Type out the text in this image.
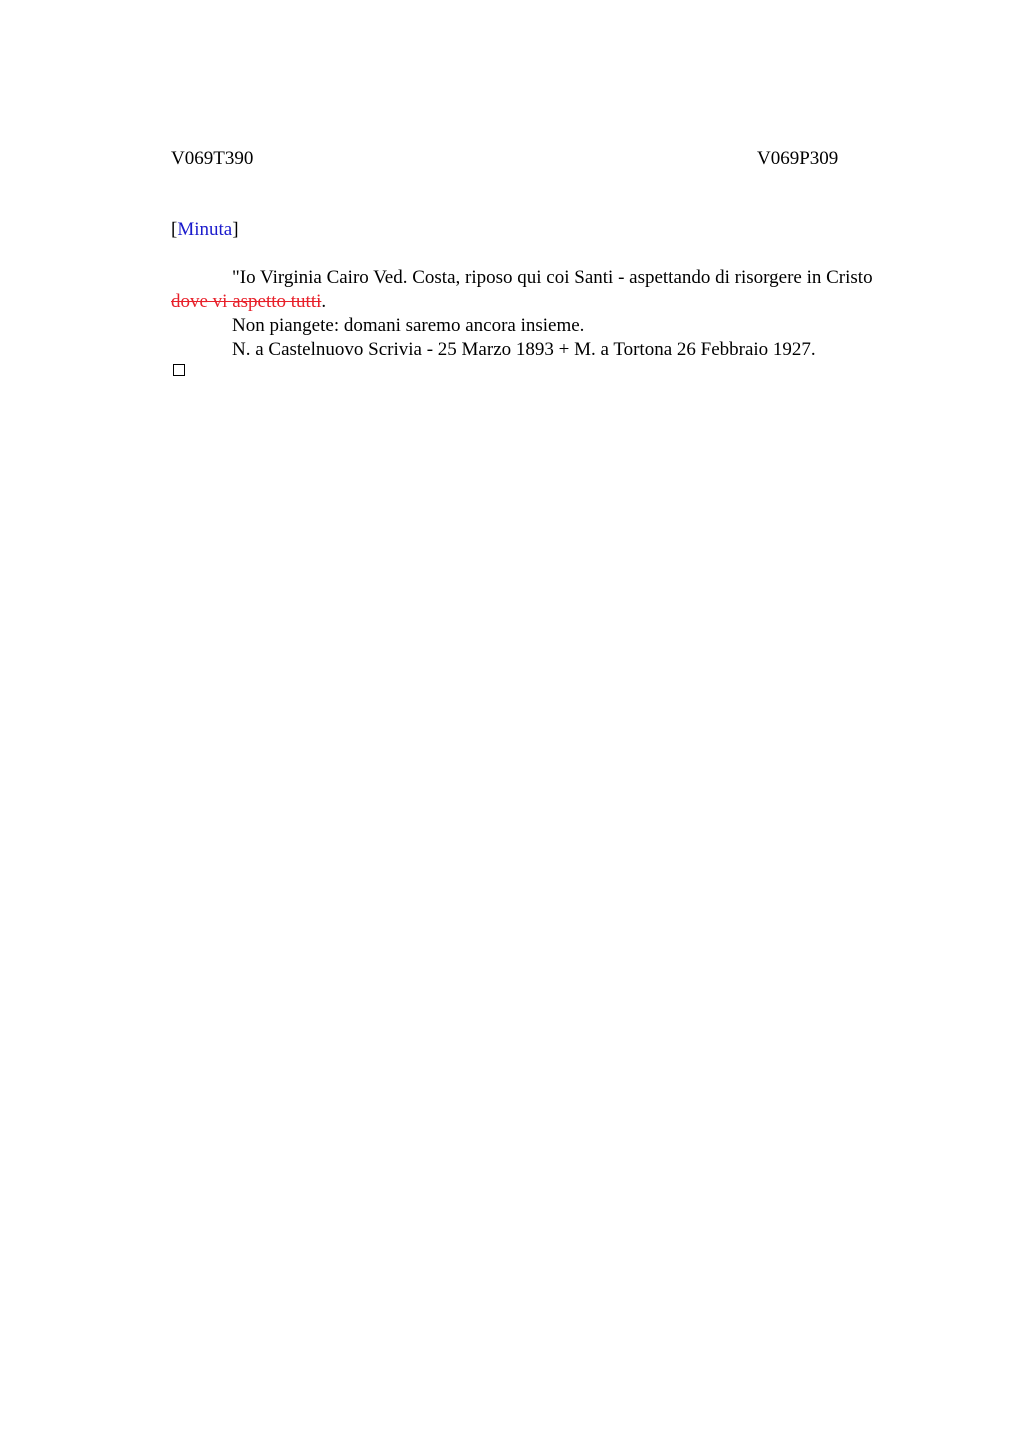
V069T390	V069P309
[Minuta]

"Io Virginia Cairo Ved. Costa, riposo qui coi Santi - aspettando di risorgere in Cristo dove vi aspetto tutti.

Non piangete: domani saremo ancora insieme.

N. a Castelnuovo Scrivia - 25 Marzo 1893 + M. a Tortona 26 Febbraio 1927.
